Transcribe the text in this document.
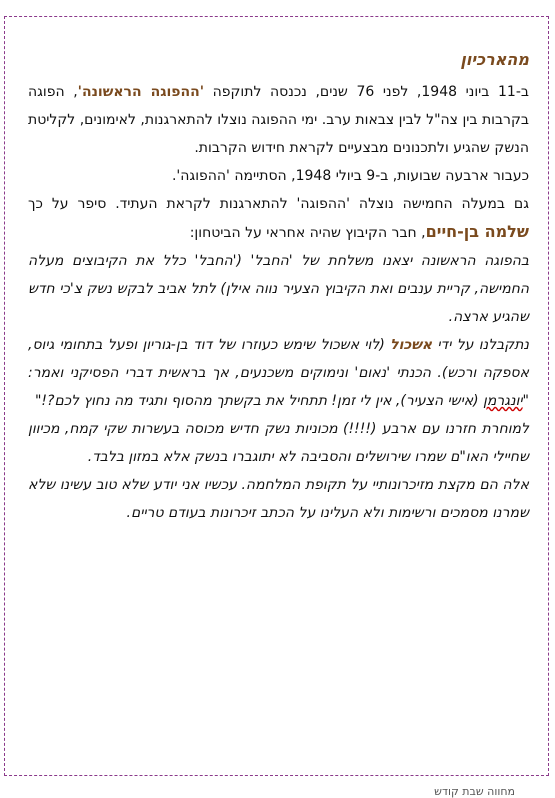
מהארכיון

ב-11 ביוני 1948, לפני 76 שנים, נכנסה לתוקפה 'ההפוגה הראשונה', הפוגה בקרבות בין צה"ל לבין צבאות ערב. ימי ההפוגה נוצלו להתארגנות, לאימונים, לקליטת הנשק שהגיע ולתכנונים מבצעיים לקראת חידוש הקרבות.

כעבור ארבעה שבועות, ב-9 ביולי 1948, הסתיימה 'ההפוגה'.

גם במעלה החמישה נוצלה 'ההפוגה' להתארגנות לקראת העתיד. סיפר על כך שלמה בן-חיים, חבר הקיבוץ שהיה אחראי על הביטחון:

בהפוגה הראשונה יצאנו משלחת של 'החבל' ('החבל' כלל את הקיבוצים מעלה החמישה, קריית ענבים ואת הקיבוץ הצעיר נווה אילן) לתל אביב לבקש נשק צ'כי חדש שהגיע ארצה.

נתקבלנו על ידי אשכול (לוי אשכול שימש כעוזרו של דוד בן-גוריון ופעל בתחומי גיוס, אספקה ורכש). הכנתי 'נאום' ונימוקים משכנעים, אך בראשית דברי הפסיקני ואמר: "יונגרמן (אישי הצעיר), אין לי זמן! תתחיל את בקשתך מהסוף ותגיד מה נחוץ לכם?!"

למוחרת חזרנו עם ארבע (!!!!) מכוניות נשק חדיש מכוסה בעשרות שקי קמח, מכיוון שחיילי האו"ם שמרו שירושלים והסביבה לא יתוגברו בנשק אלא במזון בלבד.

אלה הם מקצת מזיכרונותיי על תקופת המלחמה. עכשיו אני יודע שלא טוב עשינו שלא שמרנו מסמכים ורשימות ולא העלינו על הכתב זיכרונות בעודם טריים.

מחווה שבת קודש
